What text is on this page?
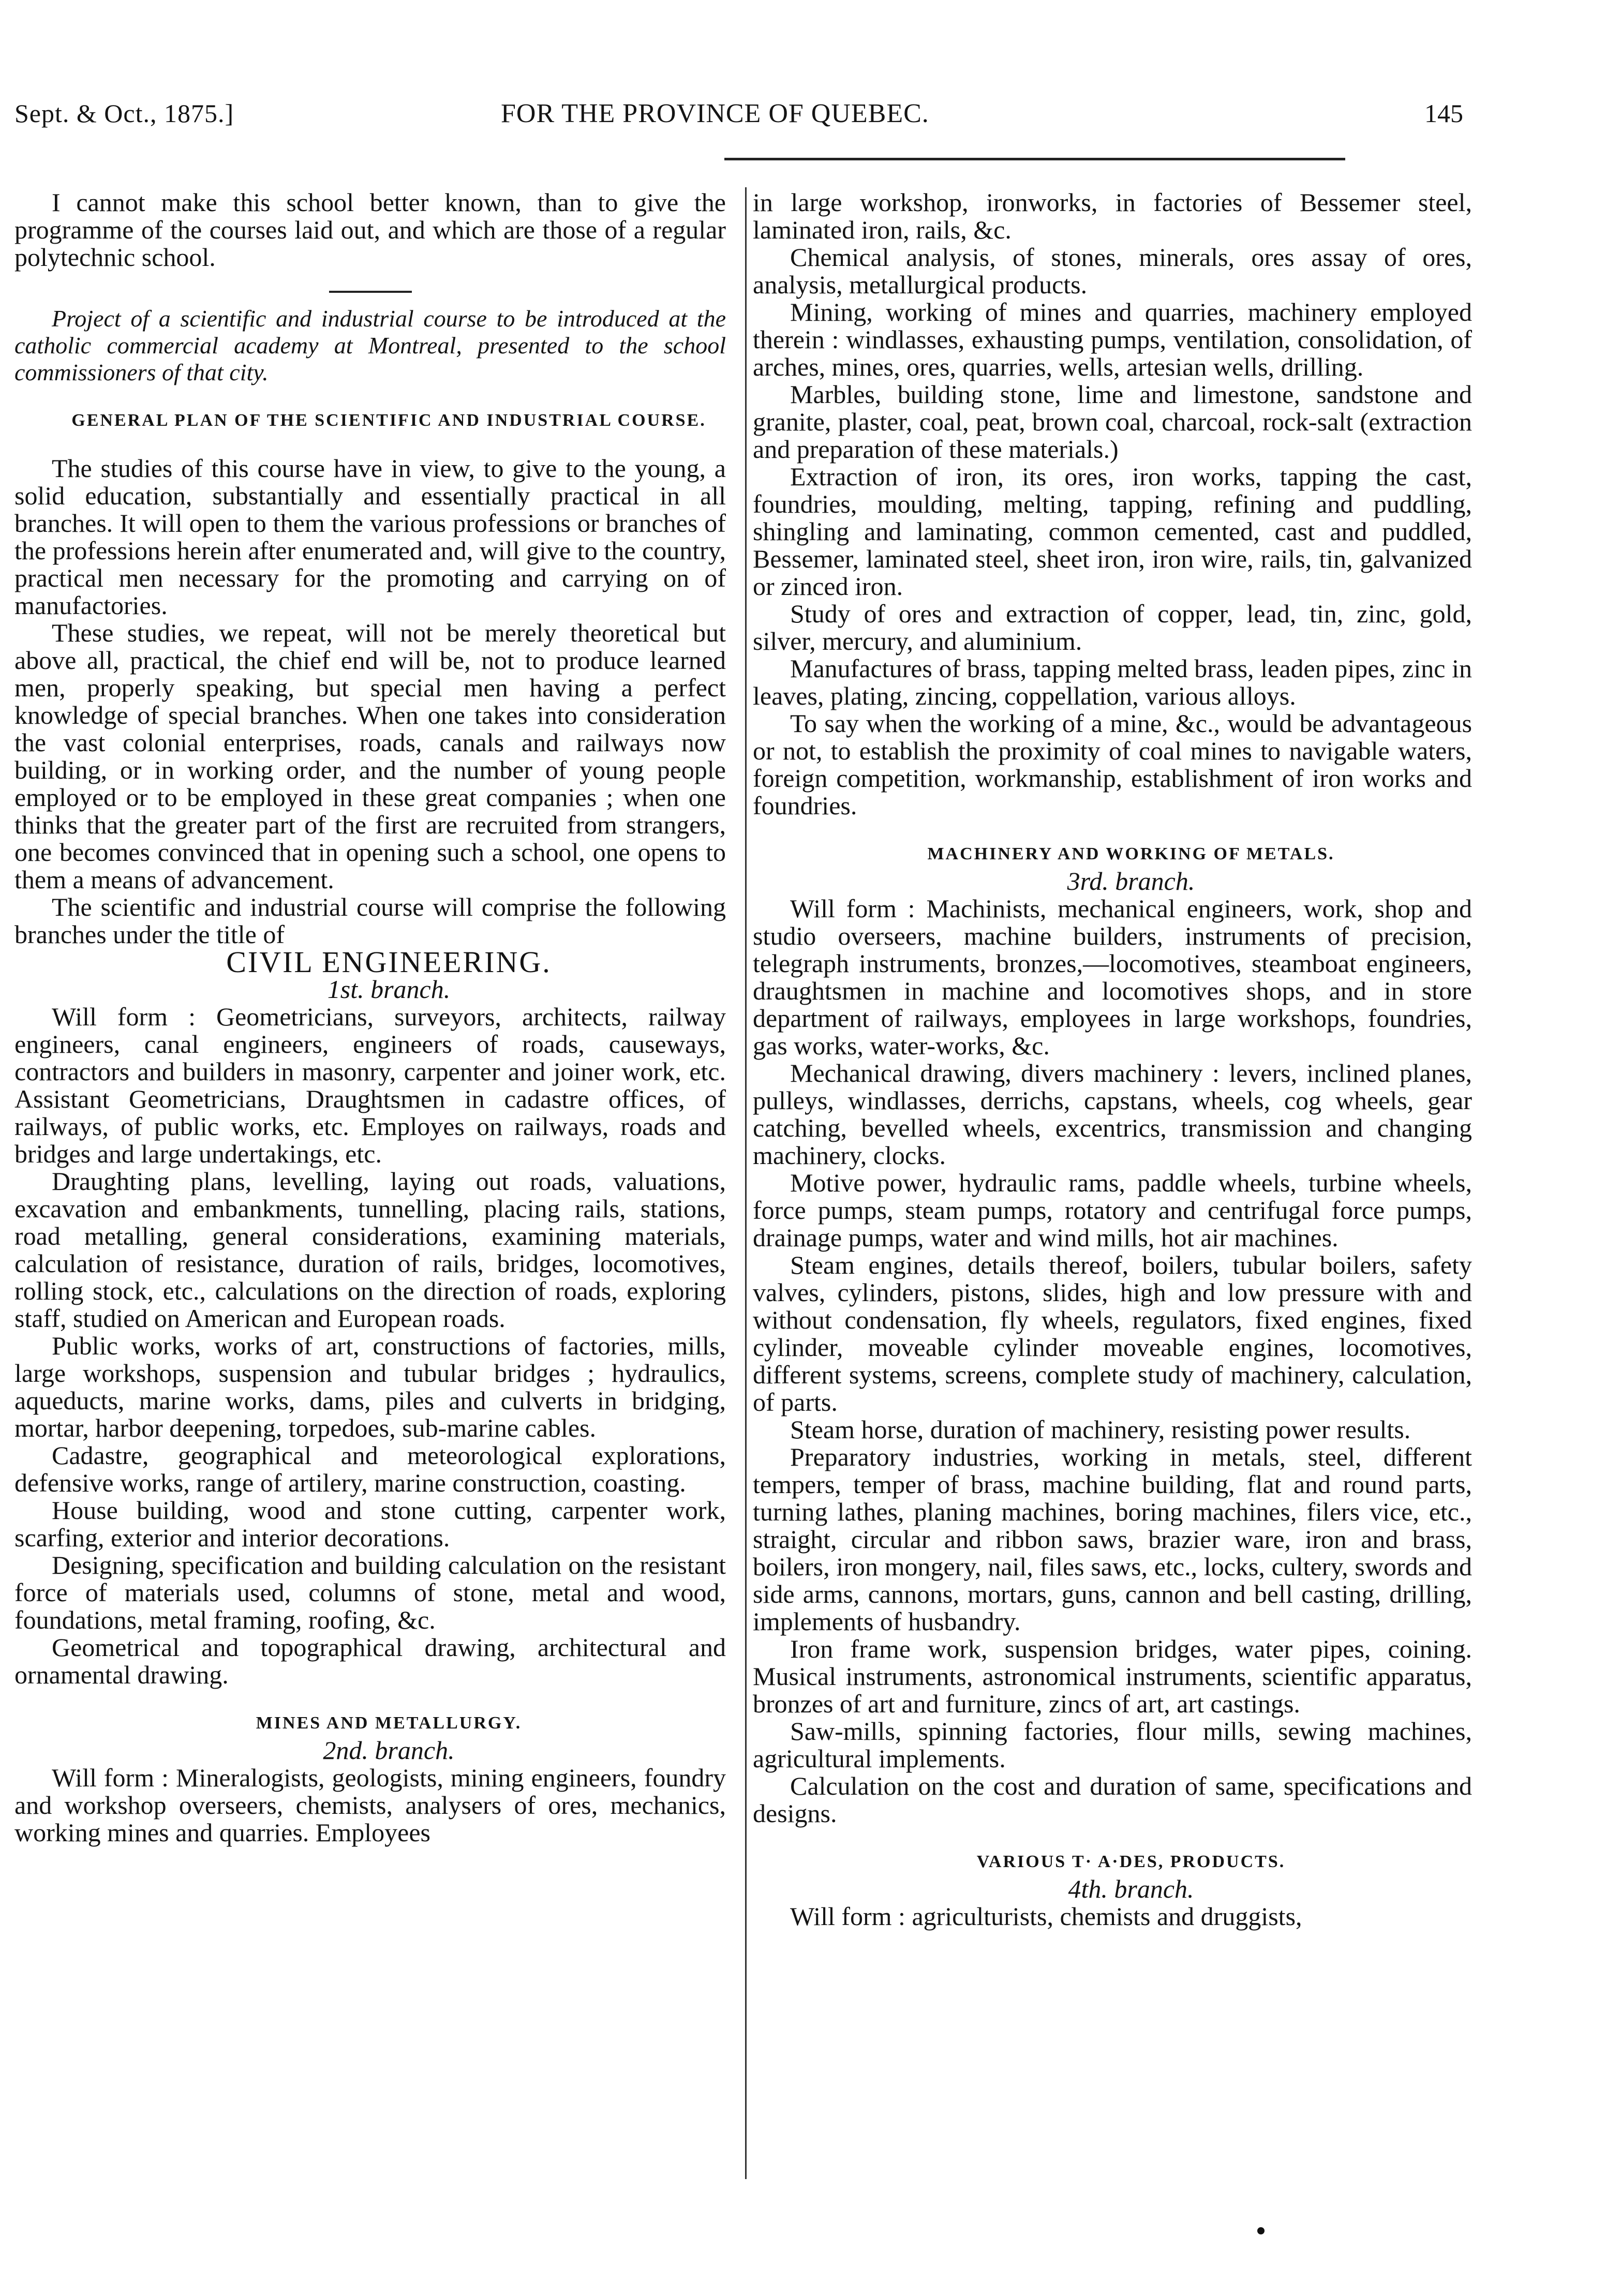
Sept. & Oct., 1875.]	FOR THE PROVINCE OF QUEBEC.	145

I cannot make this school better known, than to give the programme of the courses laid out, and which are those of a regular polytechnic school.

Project of a scientific and industrial course to be introduced at the catholic commercial academy at Montreal, presented to the school commissioners of that city.

GENERAL PLAN OF THE SCIENTIFIC AND INDUSTRIAL COURSE.

The studies of this course have in view, to give to the young, a solid education, substantially and essentially practical in all branches. It will open to them the various professions or branches of the professions herein after enumerated and, will give to the country, practical men necessary for the promoting and carrying on of manufactories.

These studies, we repeat, will not be merely theoretical but above all, practical, the chief end will be, not to produce learned men, properly speaking, but special men having a perfect knowledge of special branches. When one takes into consideration the vast colonial enterprises, roads, canals and railways now building, or in working order, and the number of young people employed or to be employed in these great companies ; when one thinks that the greater part of the first are recruited from strangers, one becomes convinced that in opening such a school, one opens to them a means of advancement.

The scientific and industrial course will comprise the following branches under the title of

CIVIL ENGINEERING.

1st. branch.

Will form : Geometricians, surveyors, architects, railway engineers, canal engineers, engineers of roads, causeways, contractors and builders in masonry, carpenter and joiner work, etc. Assistant Geometricians, Draughtsmen in cadastre offices, of railways, of public works, etc. Employes on railways, roads and bridges and large undertakings, etc.

Draughting plans, levelling, laying out roads, valuations, excavation and embankments, tunnelling, placing rails, stations, road metalling, general considerations, examining materials, calculation of resistance, duration of rails, bridges, locomotives, rolling stock, etc., calculations on the direction of roads, exploring staff, studied on American and European roads.

Public works, works of art, constructions of factories, mills, large workshops, suspension and tubular bridges ; hydraulics, aqueducts, marine works, dams, piles and culverts in bridging, mortar, harbor deepening, torpedoes, sub-marine cables.

Cadastre, geographical and meteorological explorations, defensive works, range of artilery, marine construction, coasting.

House building, wood and stone cutting, carpenter work, scarfing, exterior and interior decorations.

Designing, specification and building calculation on the resistant force of materials used, columns of stone, metal and wood, foundations, metal framing, roofing, &c.

Geometrical and topographical drawing, architectural and ornamental drawing.

MINES AND METALLURGY.

2nd. branch.

Will form : Mineralogists, geologists, mining engineers, foundry and workshop overseers, chemists, analysers of ores, mechanics, working mines and quarries. Employees

in large workshop, ironworks, in factories of Bessemer steel, laminated iron, rails, &c.

Chemical analysis, of stones, minerals, ores assay of ores, analysis, metallurgical products.

Mining, working of mines and quarries, machinery employed therein : windlasses, exhausting pumps, ventilation, consolidation, of arches, mines, ores, quarries, wells, artesian wells, drilling.

Marbles, building stone, lime and limestone, sandstone and granite, plaster, coal, peat, brown coal, charcoal, rock-salt (extraction and preparation of these materials.)

Extraction of iron, its ores, iron works, tapping the cast, foundries, moulding, melting, tapping, refining and puddling, shingling and laminating, common cemented, cast and puddled, Bessemer, laminated steel, sheet iron, iron wire, rails, tin, galvanized or zinced iron.

Study of ores and extraction of copper, lead, tin, zinc, gold, silver, mercury, and aluminium.

Manufactures of brass, tapping melted brass, leaden pipes, zinc in leaves, plating, zincing, coppellation, various alloys.

To say when the working of a mine, &c., would be advantageous or not, to establish the proximity of coal mines to navigable waters, foreign competition, workmanship, establishment of iron works and foundries.

MACHINERY AND WORKING OF METALS.

3rd. branch.

Will form : Machinists, mechanical engineers, work, shop and studio overseers, machine builders, instruments of precision, telegraph instruments, bronzes,—locomotives, steamboat engineers, draughtsmen in machine and locomotives shops, and in store department of railways, employees in large workshops, foundries, gas works, water-works, &c.

Mechanical drawing, divers machinery : levers, inclined planes, pulleys, windlasses, derrichs, capstans, wheels, cog wheels, gear catching, bevelled wheels, excentrics, transmission and changing machinery, clocks.

Motive power, hydraulic rams, paddle wheels, turbine wheels, force pumps, steam pumps, rotatory and centrifugal force pumps, drainage pumps, water and wind mills, hot air machines.

Steam engines, details thereof, boilers, tubular boilers, safety valves, cylinders, pistons, slides, high and low pressure with and without condensation, fly wheels, regulators, fixed engines, fixed cylinder, moveable cylinder moveable engines, locomotives, different systems, screens, complete study of machinery, calculation, of parts.

Steam horse, duration of machinery, resisting power results.

Preparatory industries, working in metals, steel, different tempers, temper of brass, machine building, flat and round parts, turning lathes, planing machines, boring machines, filers vice, etc., straight, circular and ribbon saws, brazier ware, iron and brass, boilers, iron mongery, nail, files saws, etc., locks, cultery, swords and side arms, cannons, mortars, guns, cannon and bell casting, drilling, implements of husbandry.

Iron frame work, suspension bridges, water pipes, coining. Musical instruments, astronomical instruments, scientific apparatus, bronzes of art and furniture, zincs of art, art castings.

Saw-mills, spinning factories, flour mills, sewing machines, agricultural implements.

Calculation on the cost and duration of same, specifications and designs.

VARIOUS T· A·DES, PRODUCTS.

4th. branch.

Will form : agriculturists, chemists and druggists,
